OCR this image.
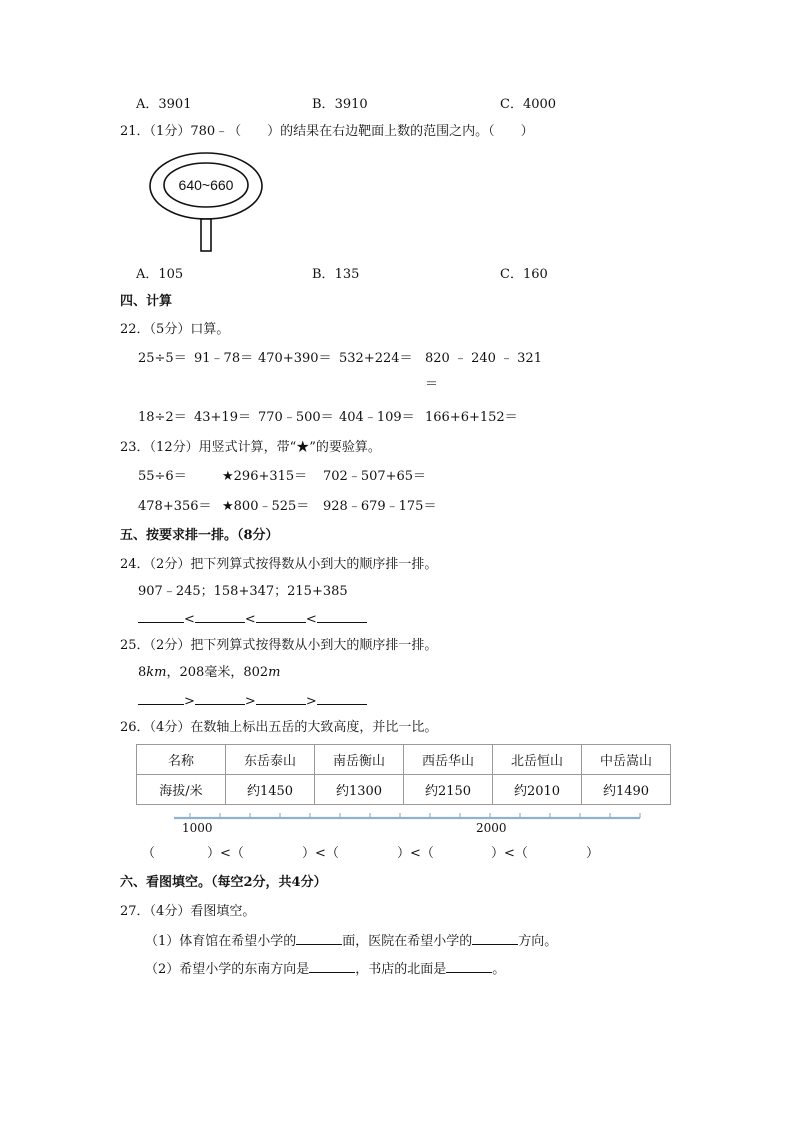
A．3901	B．3910	C．4000
21．（1分）780﹣（　　）的结果在右边靶面上数的范围之内。（　　）
640~660
A．105	B．135	C．160
四、计算
22．（5分）口算。
25÷5＝ 91﹣78＝ 470+390＝ 532+224＝ 820 ﹣ 240 ﹣ 321
＝
18÷2＝ 43+19＝ 770﹣500＝ 404﹣109＝ 166+6+152＝
23．（12分）用竖式计算，带“★”的要验算。
55÷6＝	★296+315＝ 702﹣507+65＝
478+356＝ ★800﹣525＝ 928﹣679﹣175＝
五、按要求排一排。（8分）
24．（2分）把下列算式按得数从小到大的顺序排一排。
907﹣245；158+347；215+385
<	<	<
25．（2分）把下列算式按得数从小到大的顺序排一排。
8km，208毫米，802m
>	>	>
26．（4分）在数轴上标出五岳的大致高度，并比一比。
名称	东岳泰山	南岳衡山	西岳华山	北岳恒山	中岳嵩山
海拔/米	约1450	约1300	约2150	约2010	约1490
1000	2000
（	）<（	）<（	）<（	）<（	）
六、看图填空。（每空2分，共4分）
27．（4分）看图填空。
（1）体育馆在希望小学的	面，医院在希望小学的	方向。
（2）希望小学的东南方向是	，书店的北面是	。
